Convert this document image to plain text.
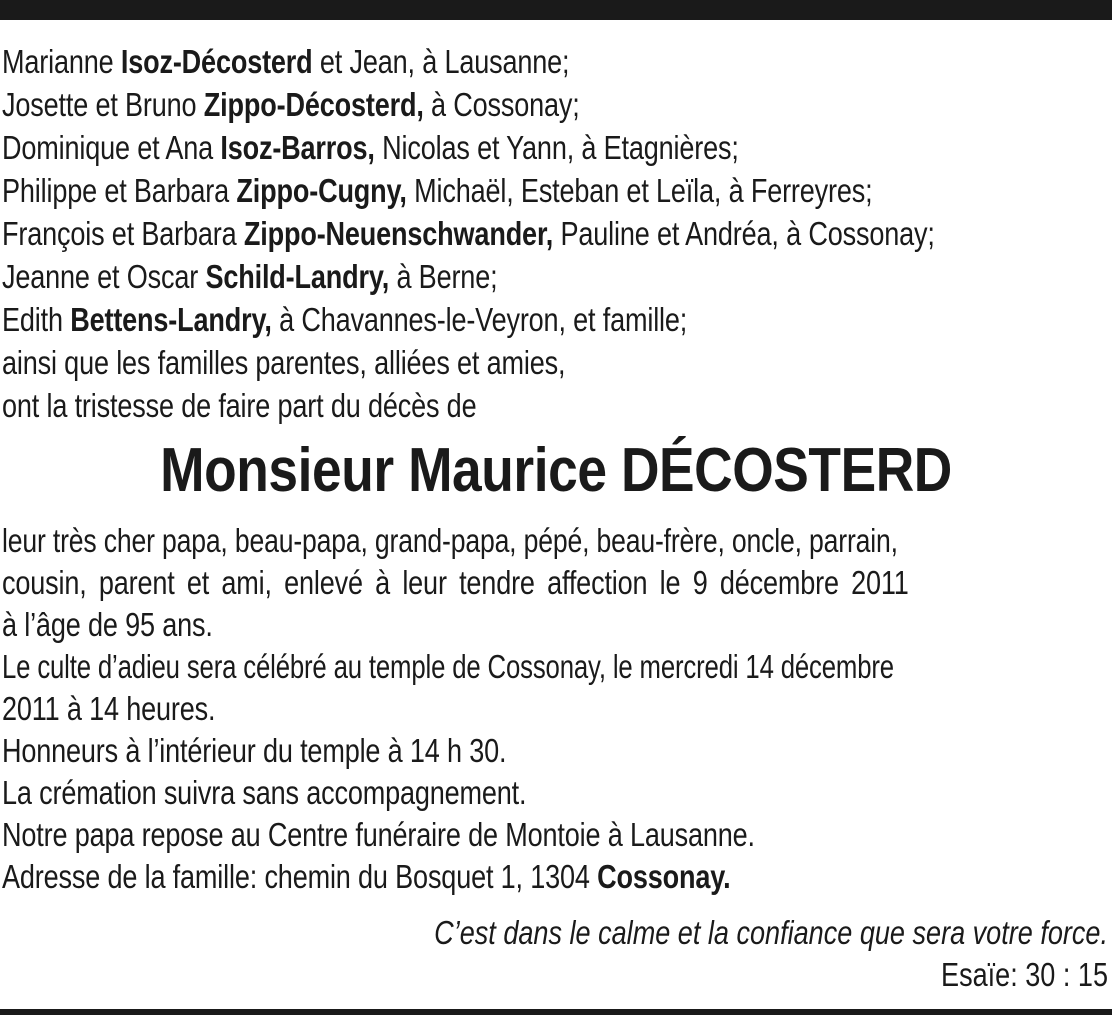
Marianne Isoz-Décosterd et Jean, à Lausanne;
Josette et Bruno Zippo-Décosterd, à Cossonay;
Dominique et Ana Isoz-Barros, Nicolas et Yann, à Etagnières;
Philippe et Barbara Zippo-Cugny, Michaël, Esteban et Leïla, à Ferreyres;
François et Barbara Zippo-Neuenschwander, Pauline et Andréa, à Cossonay;
Jeanne et Oscar Schild-Landry, à Berne;
Edith Bettens-Landry, à Chavannes-le-Veyron, et famille;
ainsi que les familles parentes, alliées et amies,
ont la tristesse de faire part du décès de
Monsieur Maurice DÉCOSTERD
leur très cher papa, beau-papa, grand-papa, pépé, beau-frère, oncle, parrain,
cousin, parent et ami, enlevé à leur tendre affection le 9 décembre 2011
à l’âge de 95 ans.
Le culte d’adieu sera célébré au temple de Cossonay, le mercredi 14 décembre
2011 à 14 heures.
Honneurs à l’intérieur du temple à 14 h 30.
La crémation suivra sans accompagnement.
Notre papa repose au Centre funéraire de Montoie à Lausanne.
Adresse de la famille: chemin du Bosquet 1, 1304 Cossonay.
C’est dans le calme et la confiance que sera votre force.
Esaïe: 30 : 15
